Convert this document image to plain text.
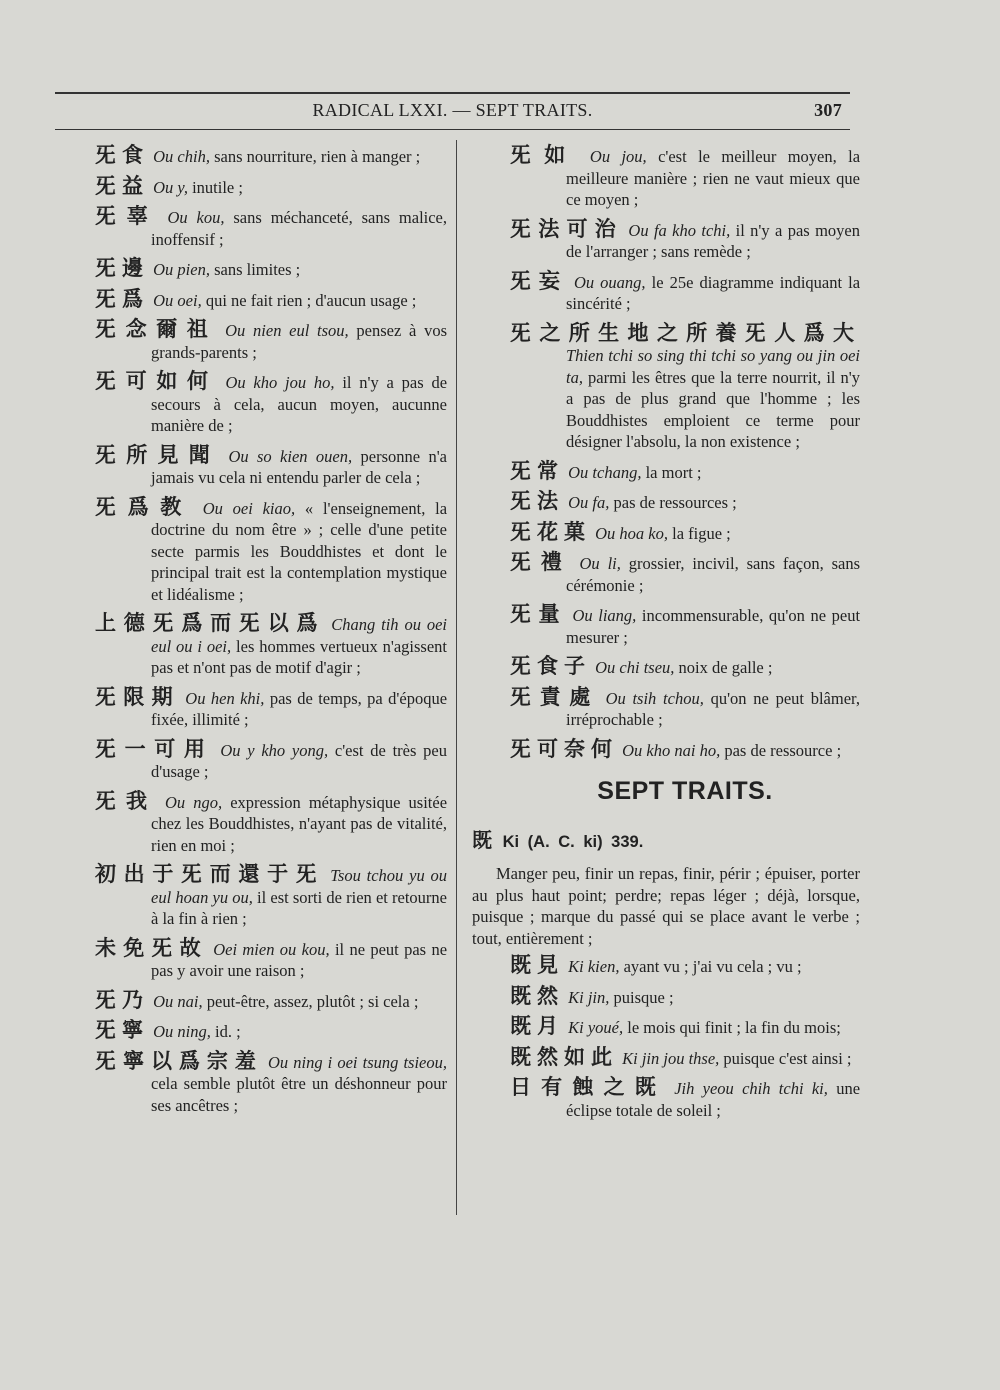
RADICAL LXXI. — SEPT TRAITS.	307
旡食 Ou chih, sans nourriture, rien à manger ;
旡益 Ou y, inutile ;
旡辜 Ou kou, sans méchanceté, sans malice, inoffensif ;
旡邊 Ou pien, sans limites ;
旡爲 Ou oei, qui ne fait rien ; d'aucun usage ;
旡念爾祖 Ou nien eul tsou, pensez à vos grands-parents ;
旡可如何 Ou kho jou ho, il n'y a pas de secours à cela, aucun moyen, aucunne manière de ;
旡所見聞 Ou so kien ouen, personne n'a jamais vu cela ni entendu parler de cela ;
旡爲教 Ou oei kiao, « l'enseignement, la doctrine du nom être » ; celle d'une petite secte parmis les Bouddhistes et dont le principal trait est la contemplation mystique et lidéalisme ;
上德旡爲而旡以爲 Chang tih ou oei eul ou i oei, les hommes vertueux n'agissent pas et n'ont pas de motif d'agir ;
旡限期 Ou hen khi, pas de temps, pa d'époque fixée, illimité ;
旡一可用 Ou y kho yong, c'est de très peu d'usage ;
旡我 Ou ngo, expression métaphysique usitée chez les Bouddhistes, n'ayant pas de vitalité, rien en moi ;
初出于旡而還于旡 Tsou tchou yu ou eul hoan yu ou, il est sorti de rien et retourne à la fin à rien ;
未免旡故 Oei mien ou kou, il ne peut pas ne pas y avoir une raison ;
旡乃 Ou nai, peut-être, assez, plutôt ; si cela ;
旡寧 Ou ning, id. ;
旡寧以爲宗羞 Ou ning i oei tsung tsieou, cela semble plutôt être un déshonneur pour ses ancêtres ;
旡如 Ou jou, c'est le meilleur moyen, la meilleure manière ; rien ne vaut mieux que ce moyen ;
旡法可治 Ou fa kho tchi, il n'y a pas moyen de l'arranger ; sans remède ;
旡妄 Ou ouang, le 25e diagramme indiquant la sincérité ;
旡之所生地之所養旡人爲大 Thien tchi so sing thi tchi so yang ou jin oei ta, parmi les êtres que la terre nourrit, il n'y a pas de plus grand que l'homme ; les Bouddhistes emploient ce terme pour désigner l'absolu, la non existence ;
旡常 Ou tchang, la mort ;
旡法 Ou fa, pas de ressources ;
旡花菓 Ou hoa ko, la figue ;
旡禮 Ou li, grossier, incivil, sans façon, sans cérémonie ;
旡量 Ou liang, incommensurable, qu'on ne peut mesurer ;
旡食子 Ou chi tseu, noix de galle ;
旡責處 Ou tsih tchou, qu'on ne peut blâmer, irréprochable ;
旡可奈何 Ou kho nai ho, pas de ressource ;
SEPT TRAITS.
既 Ki (A. C. ki) 339.
Manger peu, finir un repas, finir, périr ; épuiser, porter au plus haut point; perdre; repas léger ; déjà, lorsque, puisque ; marque du passé qui se place avant le verbe ; tout, entièrement ;
既見 Ki kien, ayant vu ; j'ai vu cela ; vu ;
既然 Ki jin, puisque ;
既月 Ki youé, le mois qui finit ; la fin du mois;
既然如此 Ki jin jou thse, puisque c'est ainsi ;
日有蝕之既 Jih yeou chih tchi ki, une éclipse totale de soleil ;
